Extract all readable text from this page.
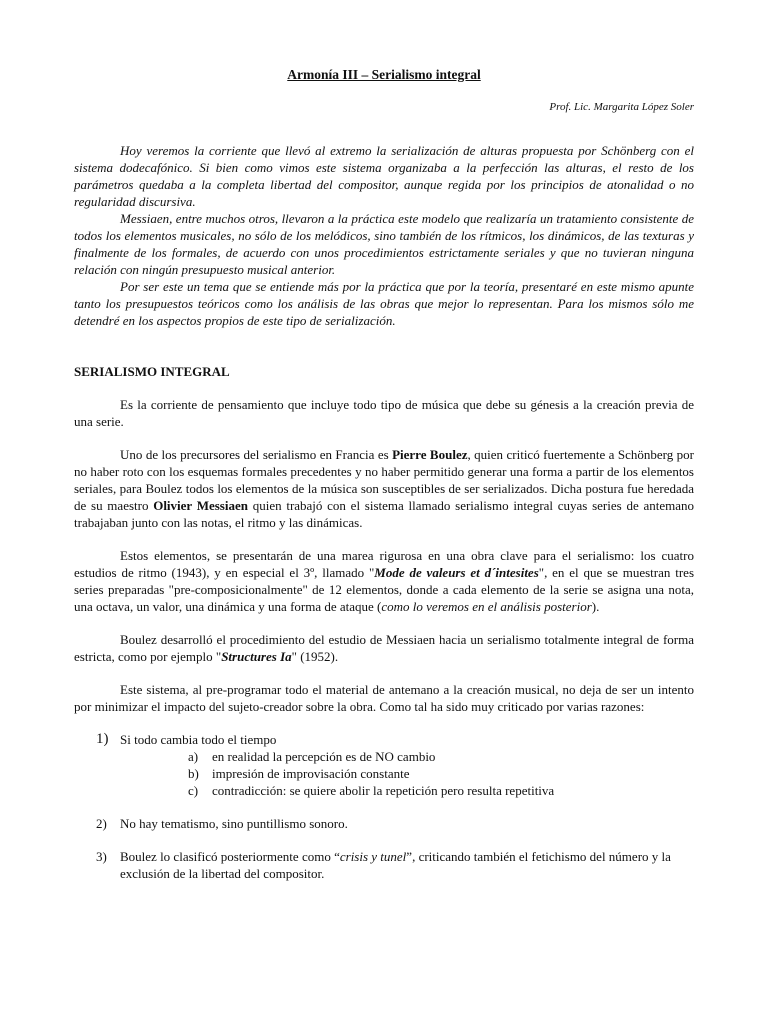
Armonía III – Serialismo integral
Prof. Lic. Margarita López Soler

Hoy veremos la corriente que llevó al extremo la serialización de alturas propuesta por Schönberg con el sistema dodecafónico. Si bien como vimos este sistema organizaba a la perfección las alturas, el resto de los parámetros quedaba a la completa libertad del compositor, aunque regida por los principios de atonalidad o no regularidad discursiva.

Messiaen, entre muchos otros, llevaron a la práctica este modelo que realizaría un tratamiento consistente de todos los elementos musicales, no sólo de los melódicos, sino también de los rítmicos, los dinámicos, de las texturas y finalmente de los formales, de acuerdo con unos procedimientos estrictamente seriales y que no tuvieran ninguna relación con ningún presupuesto musical anterior.

Por ser este un tema que se entiende más por la práctica que por la teoría, presentaré en este mismo apunte tanto los presupuestos teóricos como los análisis de las obras que mejor lo representan. Para los mismos sólo me detendré en los aspectos propios de este tipo de serialización.

SERIALISMO INTEGRAL

Es la corriente de pensamiento que incluye todo tipo de música que debe su génesis a la creación previa de una serie.

Uno de los precursores del serialismo en Francia es Pierre Boulez, quien criticó fuertemente a Schönberg por no haber roto con los esquemas formales precedentes y no haber permitido generar una forma a partir de los elementos seriales, para Boulez todos los elementos de la música son susceptibles de ser serializados. Dicha postura fue heredada de su maestro Olivier Messiaen quien trabajó con el sistema llamado serialismo integral cuyas series de antemano trabajaban junto con las notas, el ritmo y las dinámicas.

Estos elementos, se presentarán de una marea rigurosa en una obra clave para el serialismo: los cuatro estudios de ritmo (1943), y en especial el 3º, llamado "Mode de valeurs et d´intesites", en el que se muestran tres series preparadas "pre-composicionalmente" de 12 elementos, donde a cada elemento de la serie se asigna una nota, una octava, un valor, una dinámica y una forma de ataque (como lo veremos en el análisis posterior).

Boulez desarrolló el procedimiento del estudio de Messiaen hacia un serialismo totalmente integral de forma estricta, como por ejemplo "Structures Ia" (1952).

Este sistema, al pre-programar todo el material de antemano a la creación musical, no deja de ser un intento por minimizar el impacto del sujeto-creador sobre la obra. Como tal ha sido muy criticado por varias razones:

1) Si todo cambia todo el tiempo
a) en realidad la percepción es de NO cambio
b) impresión de improvisación constante
c) contradicción: se quiere abolir la repetición pero resulta repetitiva
2) No hay tematismo, sino puntillismo sonoro.
3) Boulez lo clasificó posteriormente como “crisis y tunel”, criticando también el fetichismo del número y la exclusión de la libertad del compositor.
